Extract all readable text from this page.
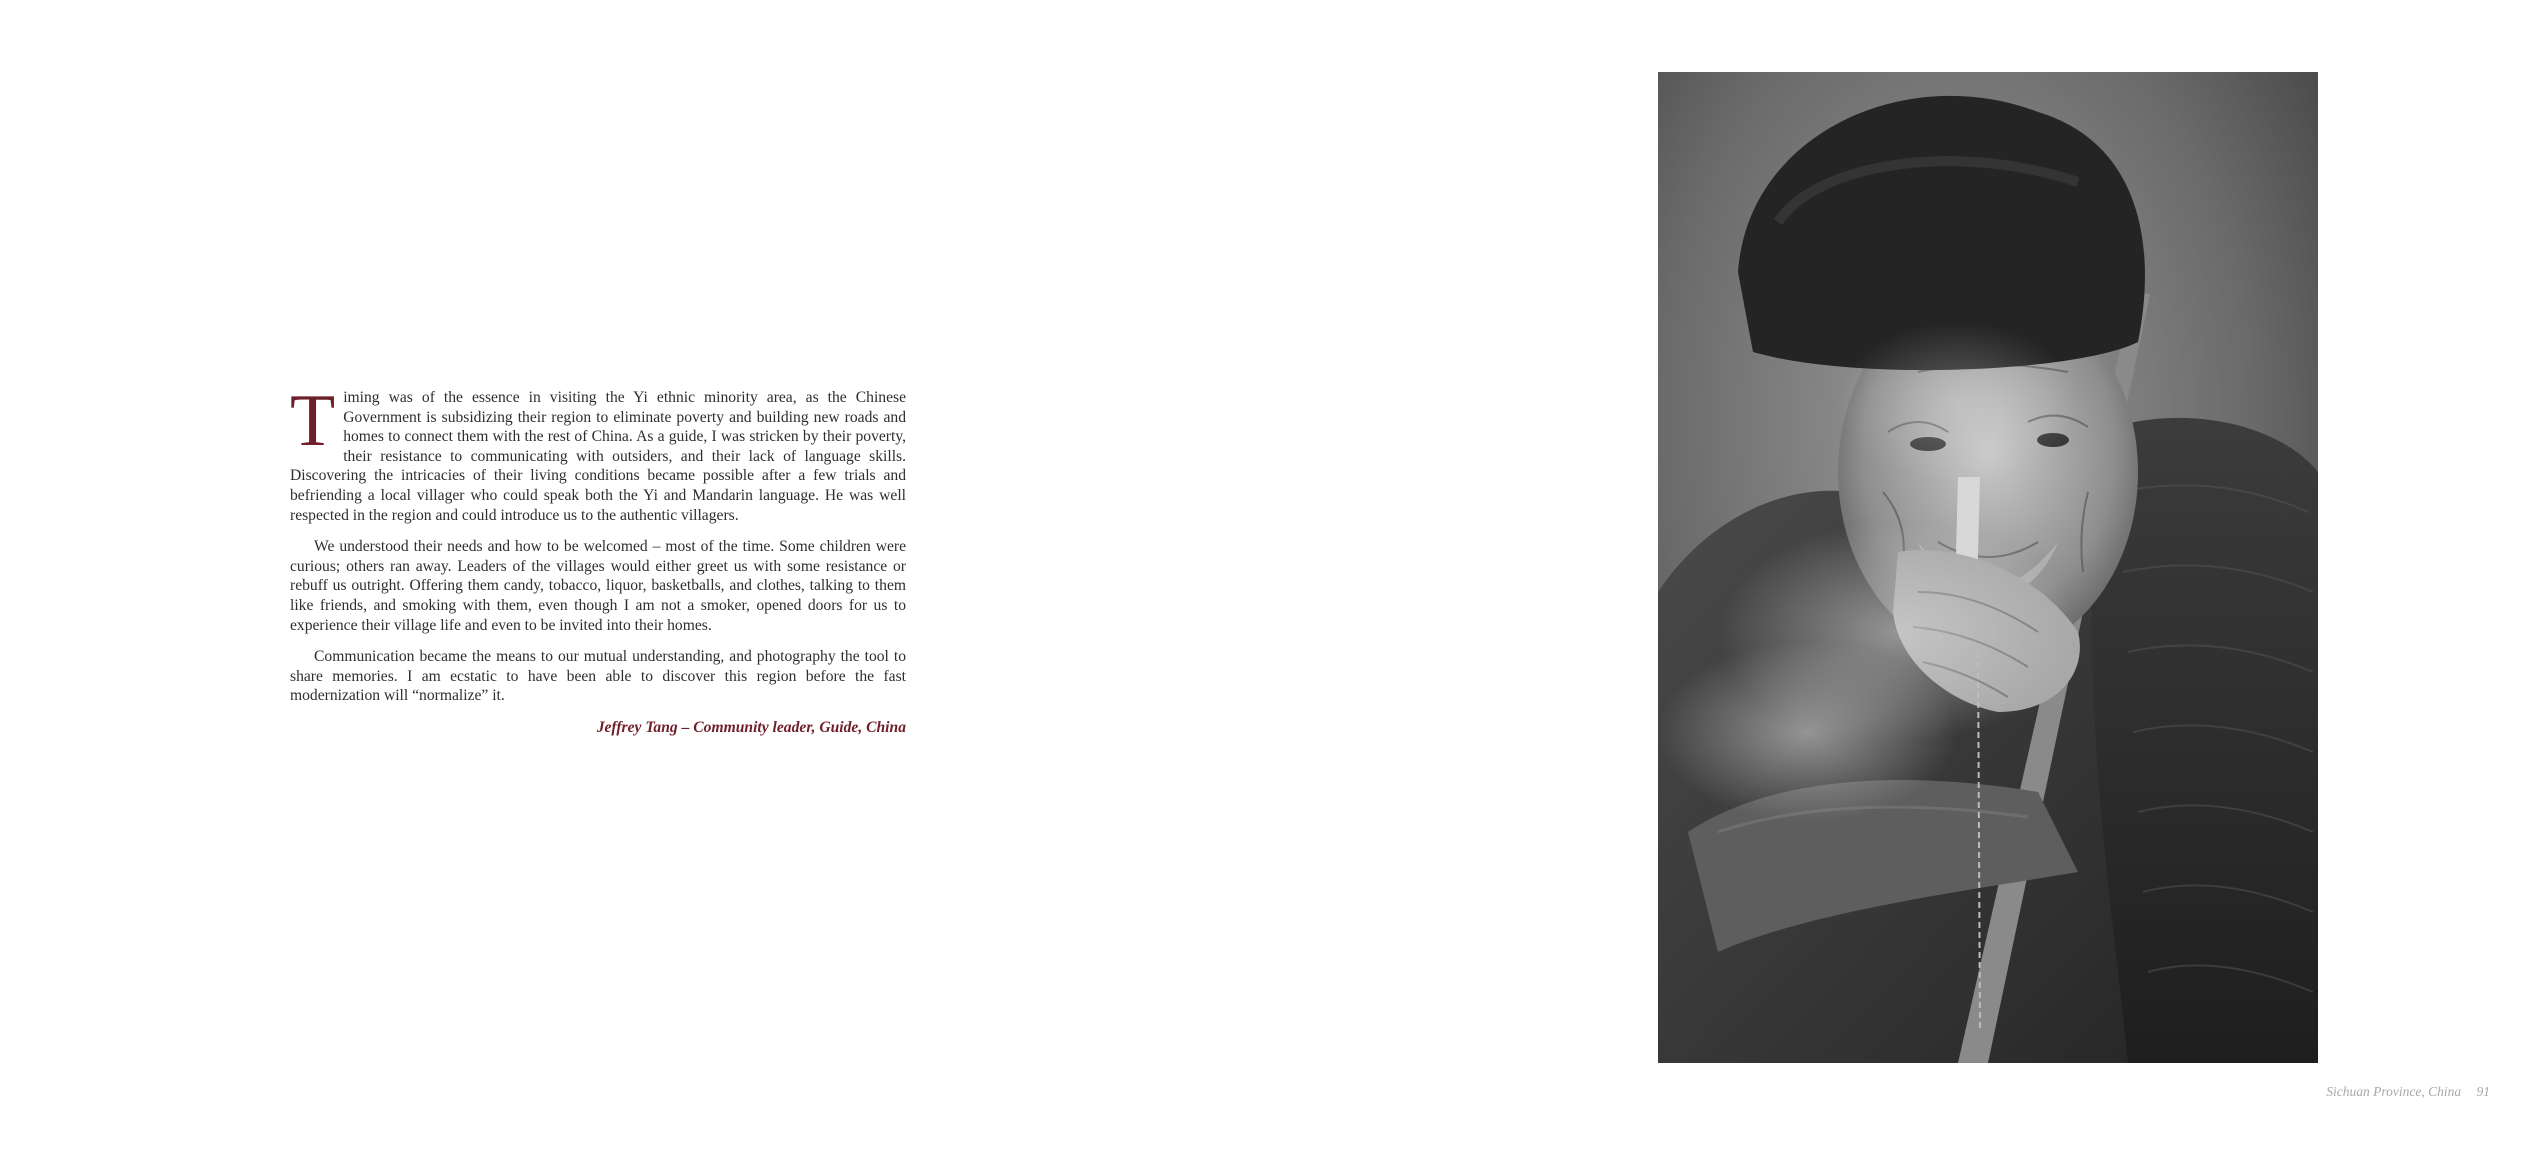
Timing was of the essence in visiting the Yi ethnic minority area, as the Chinese Government is subsidizing their region to eliminate poverty and building new roads and homes to connect them with the rest of China. As a guide, I was stricken by their poverty, their resistance to communicating with outsiders, and their lack of language skills. Discovering the intricacies of their living conditions became possible after a few trials and befriending a local villager who could speak both the Yi and Mandarin language. He was well respected in the region and could introduce us to the authentic villagers.

We understood their needs and how to be welcomed – most of the time. Some children were curious; others ran away. Leaders of the villages would either greet us with some resistance or rebuff us outright. Offering them candy, tobacco, liquor, basketballs, and clothes, talking to them like friends, and smoking with them, even though I am not a smoker, opened doors for us to experience their village life and even to be invited into their homes.

Communication became the means to our mutual understanding, and photography the tool to share memories. I am ecstatic to have been able to discover this region before the fast modernization will “normalize” it.

Jeffrey Tang – Community leader, Guide, China
Sichuan Province, China 91
